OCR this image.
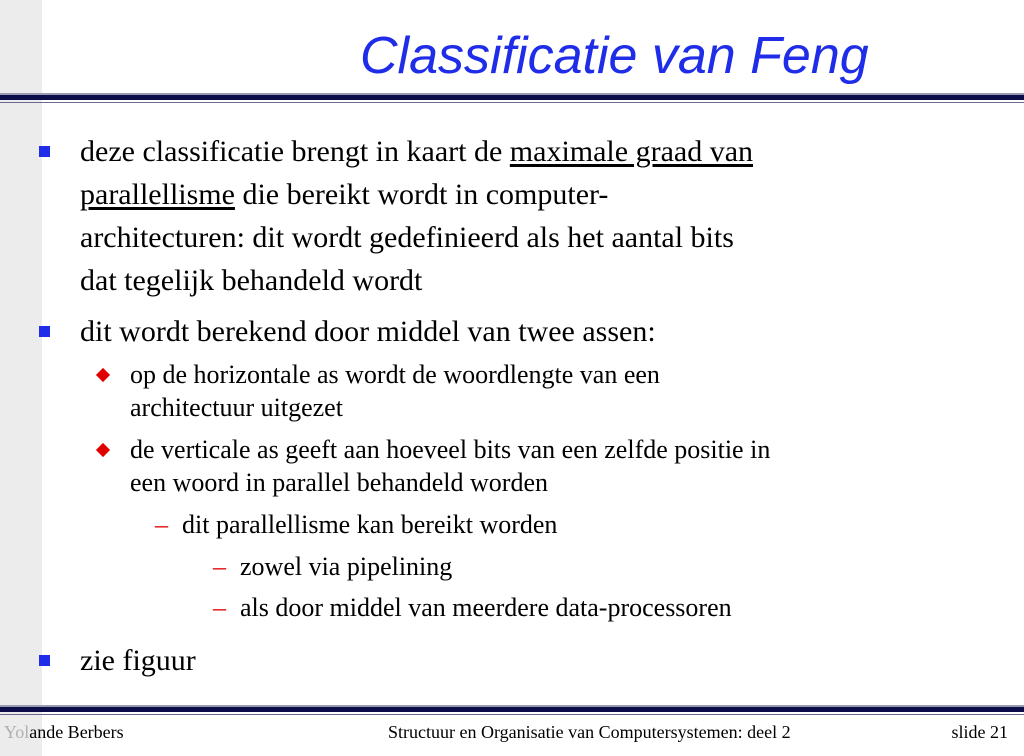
Classificatie van Feng
deze classificatie brengt in kaart de maximale graad van
parallellisme die bereikt wordt in computer-
architecturen: dit wordt gedefinieerd als het aantal bits
dat tegelijk behandeld wordt
dit wordt berekend door middel van twee assen:
op de horizontale as wordt de woordlengte van een
architectuur uitgezet
de verticale as geeft aan hoeveel bits van een zelfde positie in
een woord in parallel behandeld worden
– dit parallellisme kan bereikt worden
– zowel via pipelining
– als door middel van meerdere data-processoren
zie figuur
Yolande Berbers	Structuur en Organisatie van Computersystemen: deel 2	slide 21
